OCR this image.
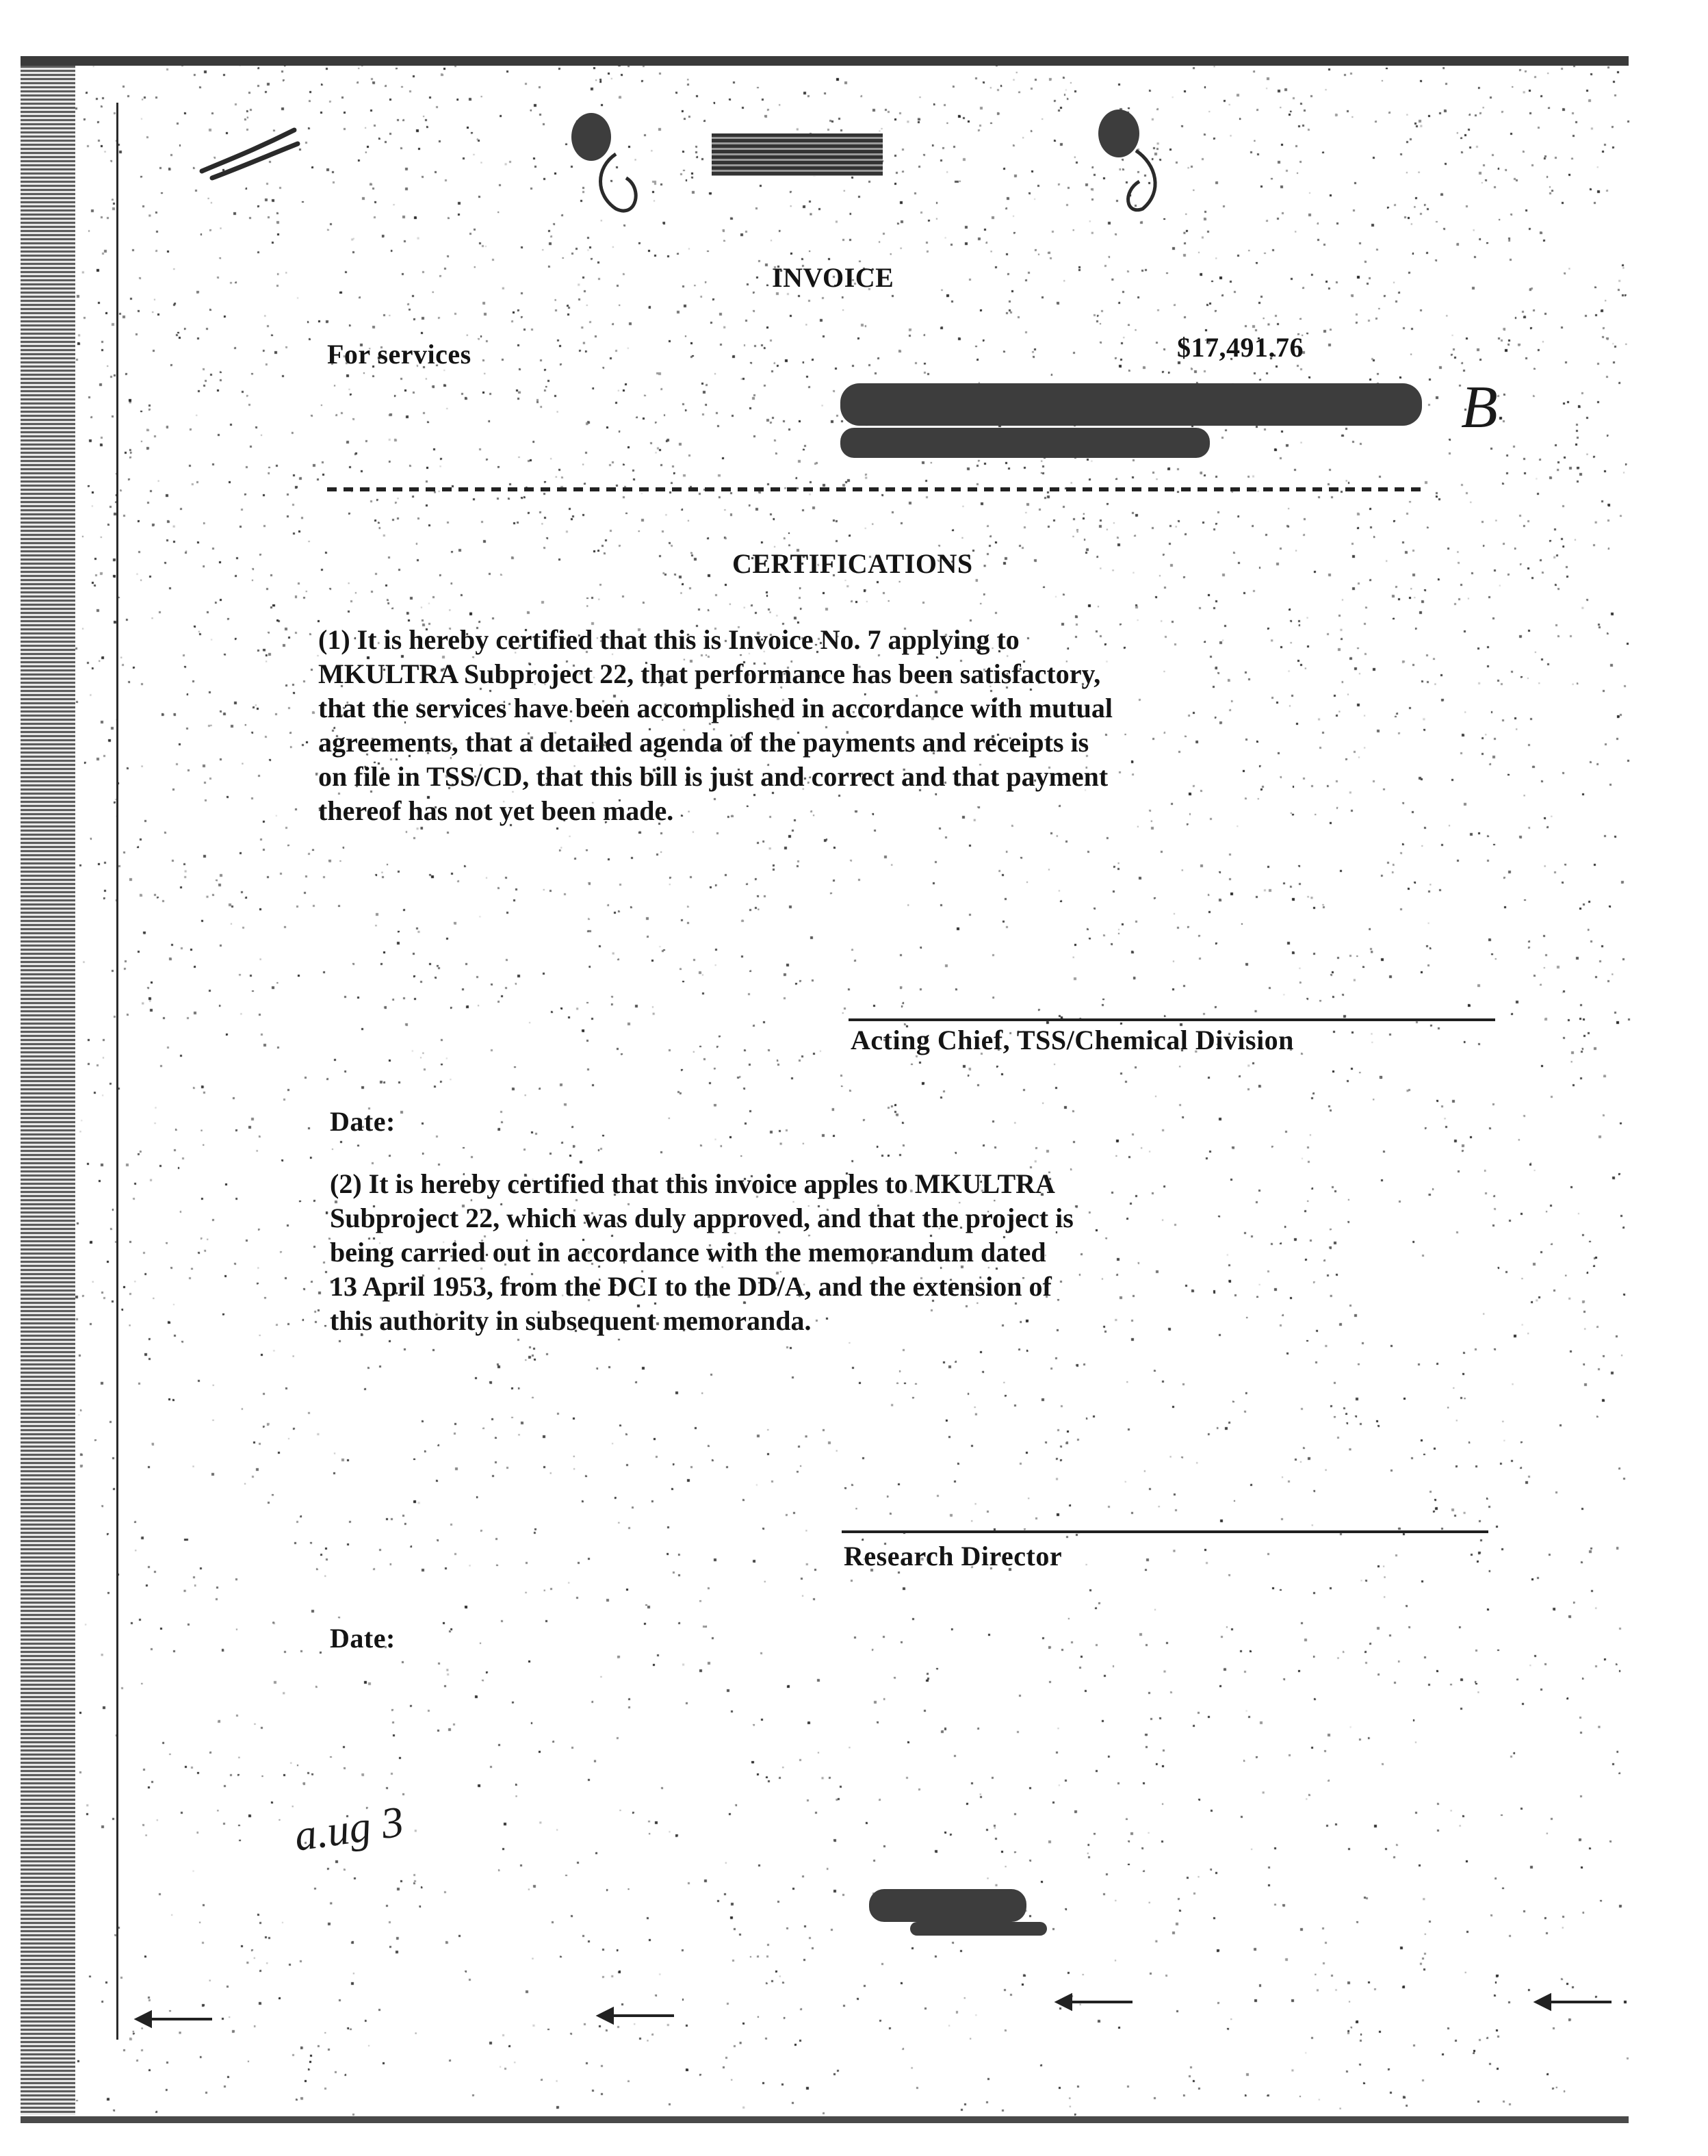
INVOICE
For services	$17,491.76
B
CERTIFICATIONS
(1) It is hereby certified that this is Invoice No. 7 applying to
MKULTRA Subproject 22, that performance has been satisfactory,
that the services have been accomplished in accordance with mutual
agreements, that a detailed agenda of the payments and receipts is
on file in TSS/CD, that this bill is just and correct and that payment
thereof has not yet been made.
Acting Chief, TSS/Chemical Division
Date:
(2) It is hereby certified that this invoice apples to MKULTRA
Subproject 22, which was duly approved, and that the project is
being carried out in accordance with the memorandum dated
13 April 1953, from the DCI to the DD/A, and the extension of
this authority in subsequent memoranda.
Research Director
Date:
a.ug 3
